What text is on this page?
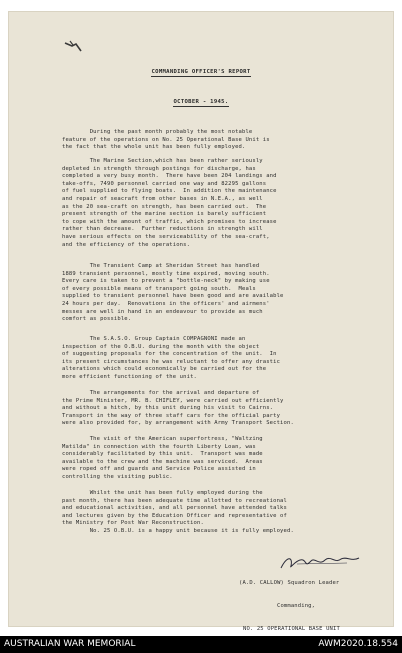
COMMANDING OFFICER'S REPORT
OCTOBER - 1945.
During the past month probably the most notable
feature of the operations on No. 25 Operational Base Unit is
the fact that the whole unit has been fully employed.
The Marine Section,which has been rather seriously
depleted in strength through postings for discharge, has
completed a very busy month.  There have been 204 landings and
take-offs, 7490 personnel carried one way and 82295 gallons
of fuel supplied to flying boats.  In addition the maintenance
and repair of seacraft from other bases in N.E.A., as well
as the 20 sea-craft on strength, has been carried out.  The
present strength of the marine section is barely sufficient
to cope with the amount of traffic, which promises to increase
rather than decrease.  Further reductions in strength will
have serious effects on the serviceability of the sea-craft,
and the efficiency of the operations.
The Transient Camp at Sheridan Street has handled
1889 transient personnel, mostly time expired, moving south.
Every care is taken to prevent a "bottle-neck" by making use
of every possible means of transport going south.  Meals
supplied to transient personnel have been good and are available
24 hours per day.  Renovations in the officers' and airmens'
messes are well in hand in an endeavour to provide as much
comfort as possible.
The S.A.S.O. Group Captain COMPAGNONI made an
inspection of the O.B.U. during the month with the object
of suggesting proposals for the concentration of the unit.  In
its present circumstances he was reluctant to offer any drastic
alterations which could economically be carried out for the
more efficient functioning of the unit.
The arrangements for the arrival and departure of
the Prime Minister, MR. B. CHIFLEY, were carried out efficiently
and without a hitch, by this unit during his visit to Cairns.
Transport in the way of three staff cars for the official party
were also provided for, by arrangement with Army Transport Section.
The visit of the American superfortress, "Waltzing
Matilda" in connection with the fourth Liberty Loan, was
considerably facilitated by this unit.  Transport was made
available to the crew and the machine was serviced.  Areas
were roped off and guards and Service Police assisted in
controlling the visiting public.
Whilst the unit has been fully employed during the
past month, there has been adequate time allotted to recreational
and educational activities, and all personnel have attended talks
and lectures given by the Education Officer and representative of
the Ministry for Post War Reconstruction.
No. 25 O.B.U. is a happy unit because it is fully employed.

(A.D. CALLOW) Squadron Leader

Commanding,

NO. 25 OPERATIONAL BASE UNIT

AUSTRALIAN WAR MEMORIAL	AWM2020.18.554
